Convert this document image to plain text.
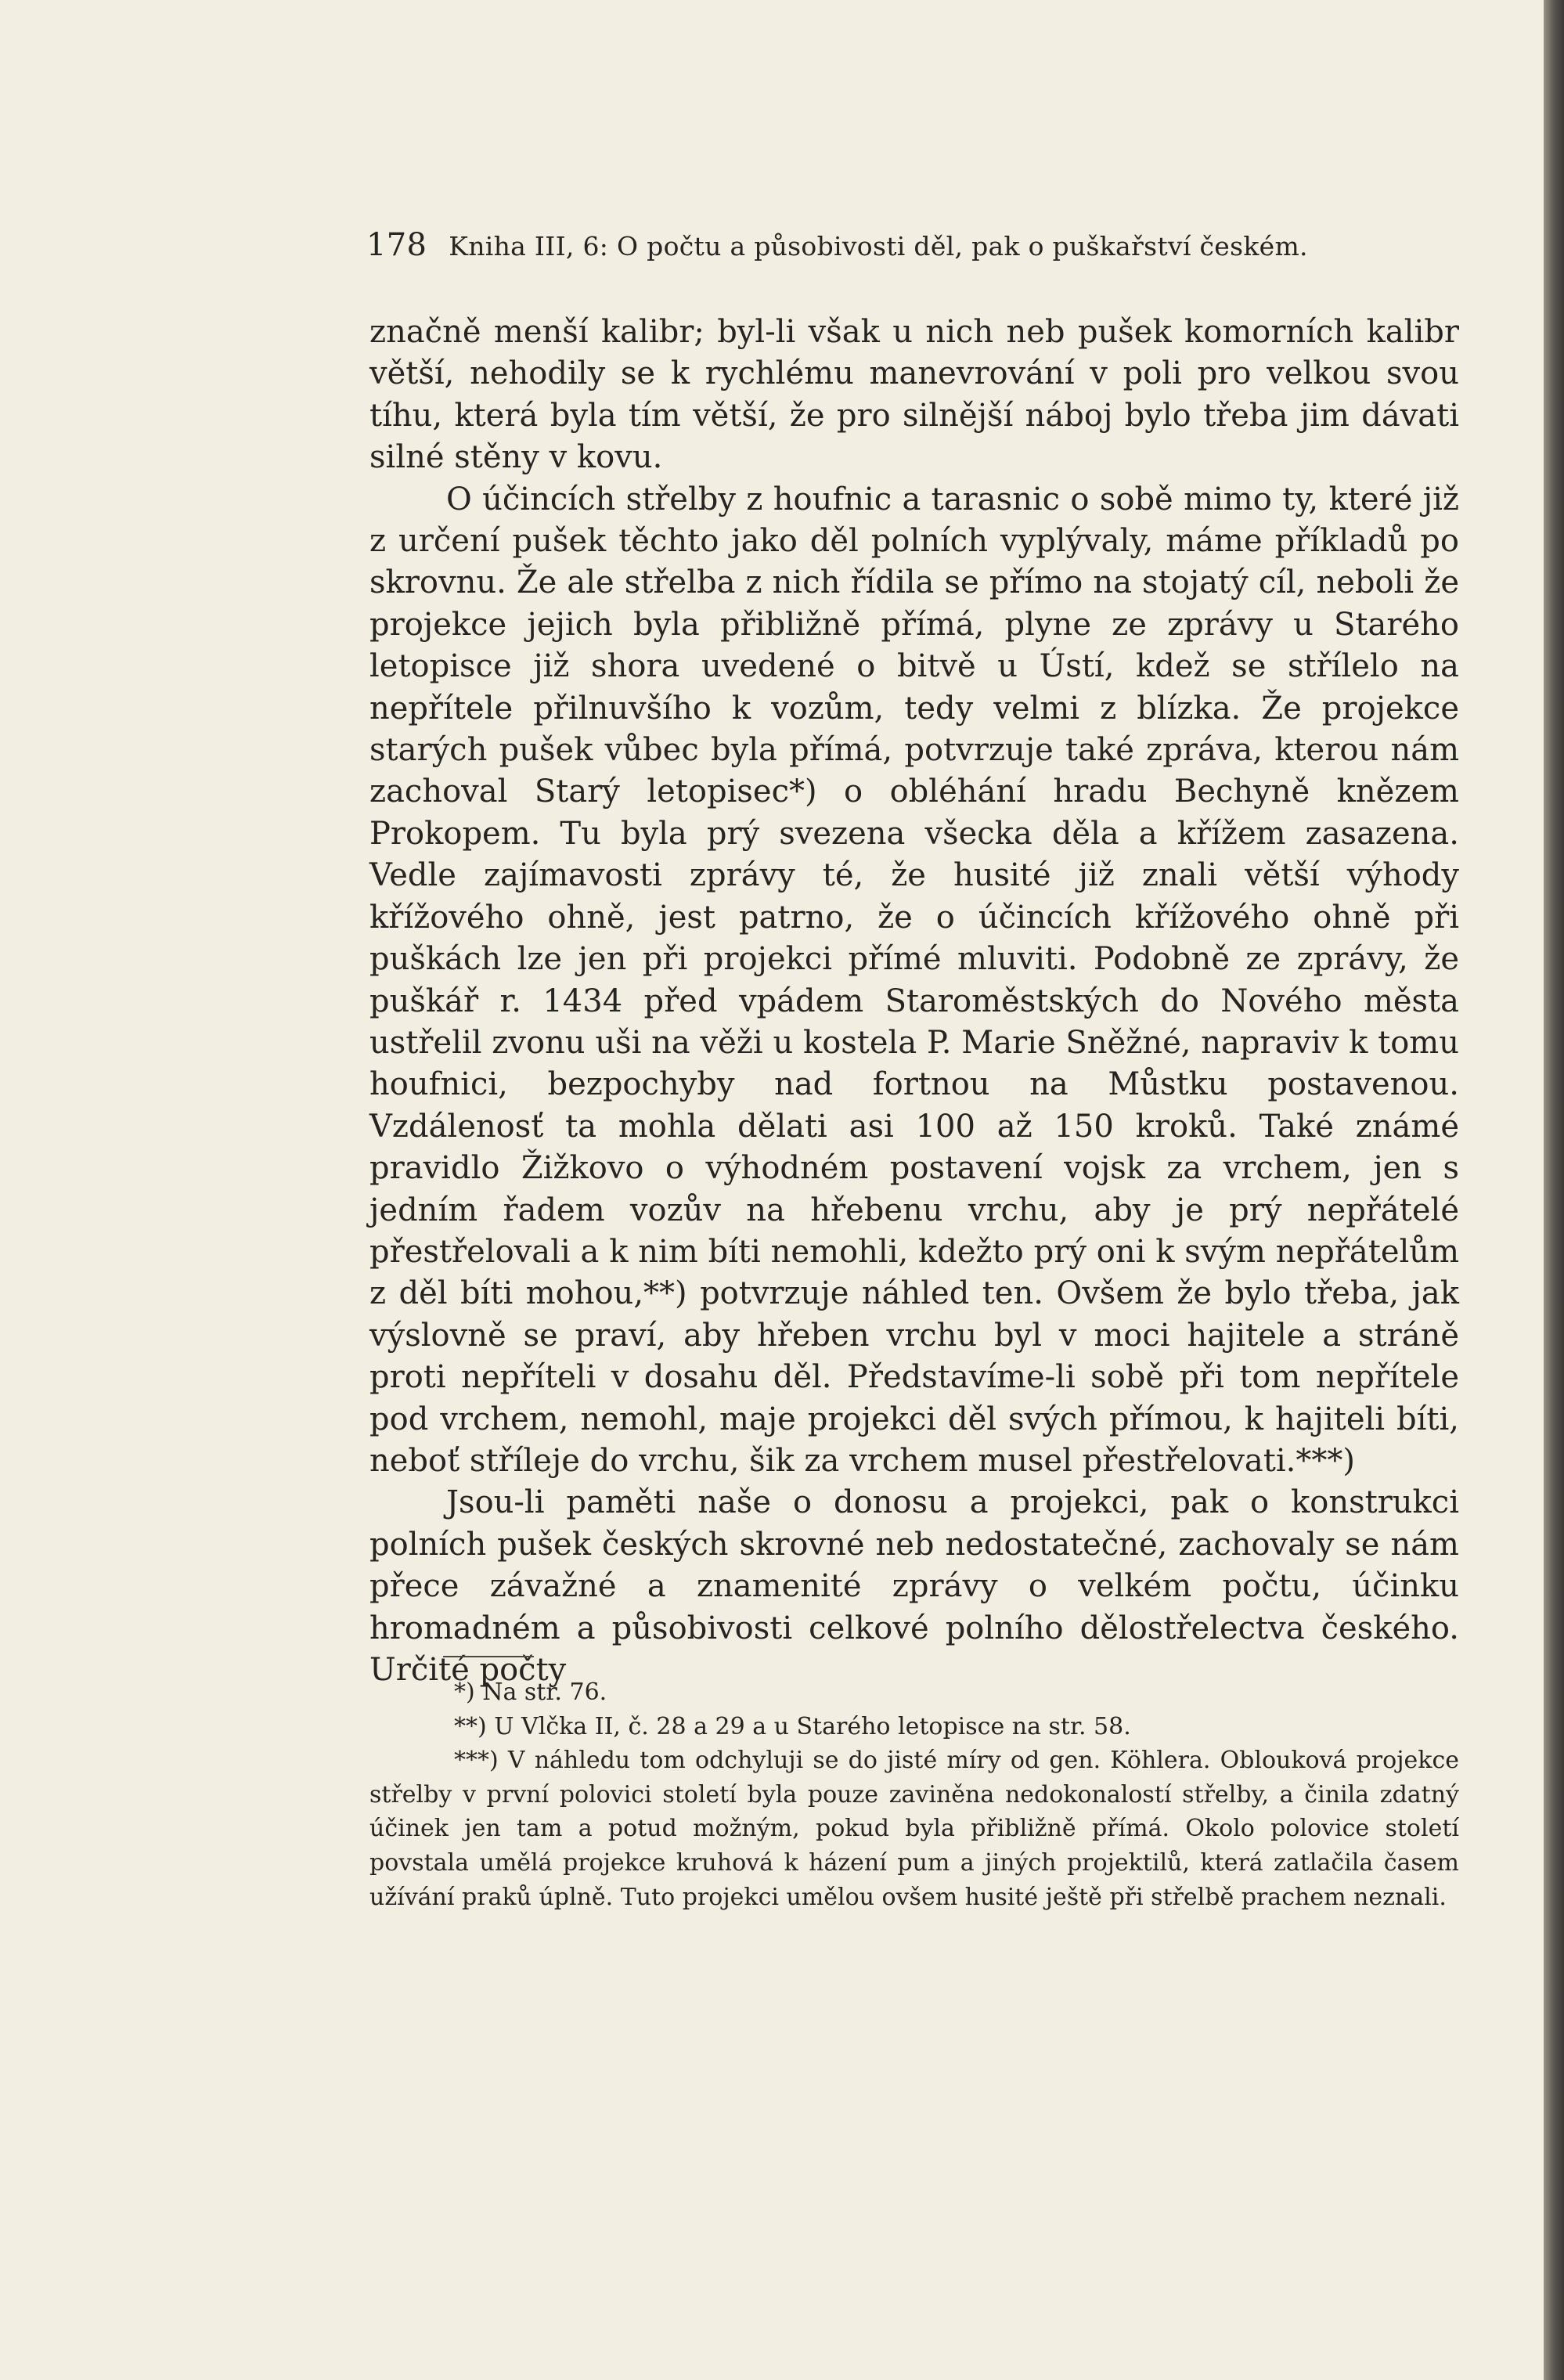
178 Kniha III, 6: O počtu a působivosti děl, pak o puškařství českém.

značně menší kalibr; byl-li však u nich neb pušek komorních kalibr větší, nehodily se k rychlému manevrování v poli pro velkou svou tíhu, která byla tím větší, že pro silnější náboj bylo třeba jim dávati silné stěny v kovu.

O účincích střelby z houfnic a tarasnic o sobě mimo ty, které již z určení pušek těchto jako děl polních vyplývaly, máme příkladů po skrovnu. Že ale střelba z nich řídila se přímo na stojatý cíl, neboli že projekce jejich byla přibližně přímá, plyne ze zprávy u Starého letopisce již shora uvedené o bitvě u Ústí, kdež se střílelo na nepřítele přilnuvšího k vozům, tedy velmi z blízka. Že projekce starých pušek vůbec byla přímá, potvrzuje také zpráva, kterou nám zachoval Starý letopisec*) o obléhání hradu Bechyně knězem Prokopem. Tu byla prý svezena všecka děla a křížem zasazena. Vedle zajímavosti zprávy té, že husité již znali větší výhody křížového ohně, jest patrno, že o účincích křížového ohně při puškách lze jen při projekci přímé mluviti. Podobně ze zprávy, že puškář r. 1434 před vpádem Staroměstských do Nového města ustřelil zvonu uši na věži u kostela P. Marie Sněžné, napraviv k tomu houfnici, bezpochyby nad fortnou na Můstku postavenou. Vzdálenosť ta mohla dělati asi 100 až 150 kroků. Také známé pravidlo Žižkovo o výhodném postavení vojsk za vrchem, jen s jedním řadem vozův na hřebenu vrchu, aby je prý nepřátelé přestřelovali a k nim bíti nemohli, kdežto prý oni k svým nepřátelům z děl bíti mohou,**) potvrzuje náhled ten. Ovšem že bylo třeba, jak výslovně se praví, aby hřeben vrchu byl v moci hajitele a stráně proti nepříteli v dosahu děl. Představíme-li sobě při tom nepřítele pod vrchem, nemohl, maje projekci děl svých přímou, k hajiteli bíti, neboť stříleje do vrchu, šik za vrchem musel přestřelovati.***)

Jsou-li paměti naše o donosu a projekci, pak o konstrukci polních pušek českých skrovné neb nedostatečné, zachovaly se nám přece závažné a znamenité zprávy o velkém počtu, účinku hromadném a působivosti celkové polního dělostřelectva českého. Určité počty

*) Na str. 76.

**) U Vlčka II, č. 28 a 29 a u Starého letopisce na str. 58.

***) V náhledu tom odchyluji se do jisté míry od gen. Köhlera. Oblouková projekce střelby v první polovici století byla pouze zaviněna nedokonalostí střelby, a činila zdatný účinek jen tam a potud možným, pokud byla přibližně přímá. Okolo polovice století povstala umělá projekce kruhová k házení pum a jiných projektilů, která zatlačila časem užívání praků úplně. Tuto projekci umělou ovšem husité ještě při střelbě prachem neznali.
